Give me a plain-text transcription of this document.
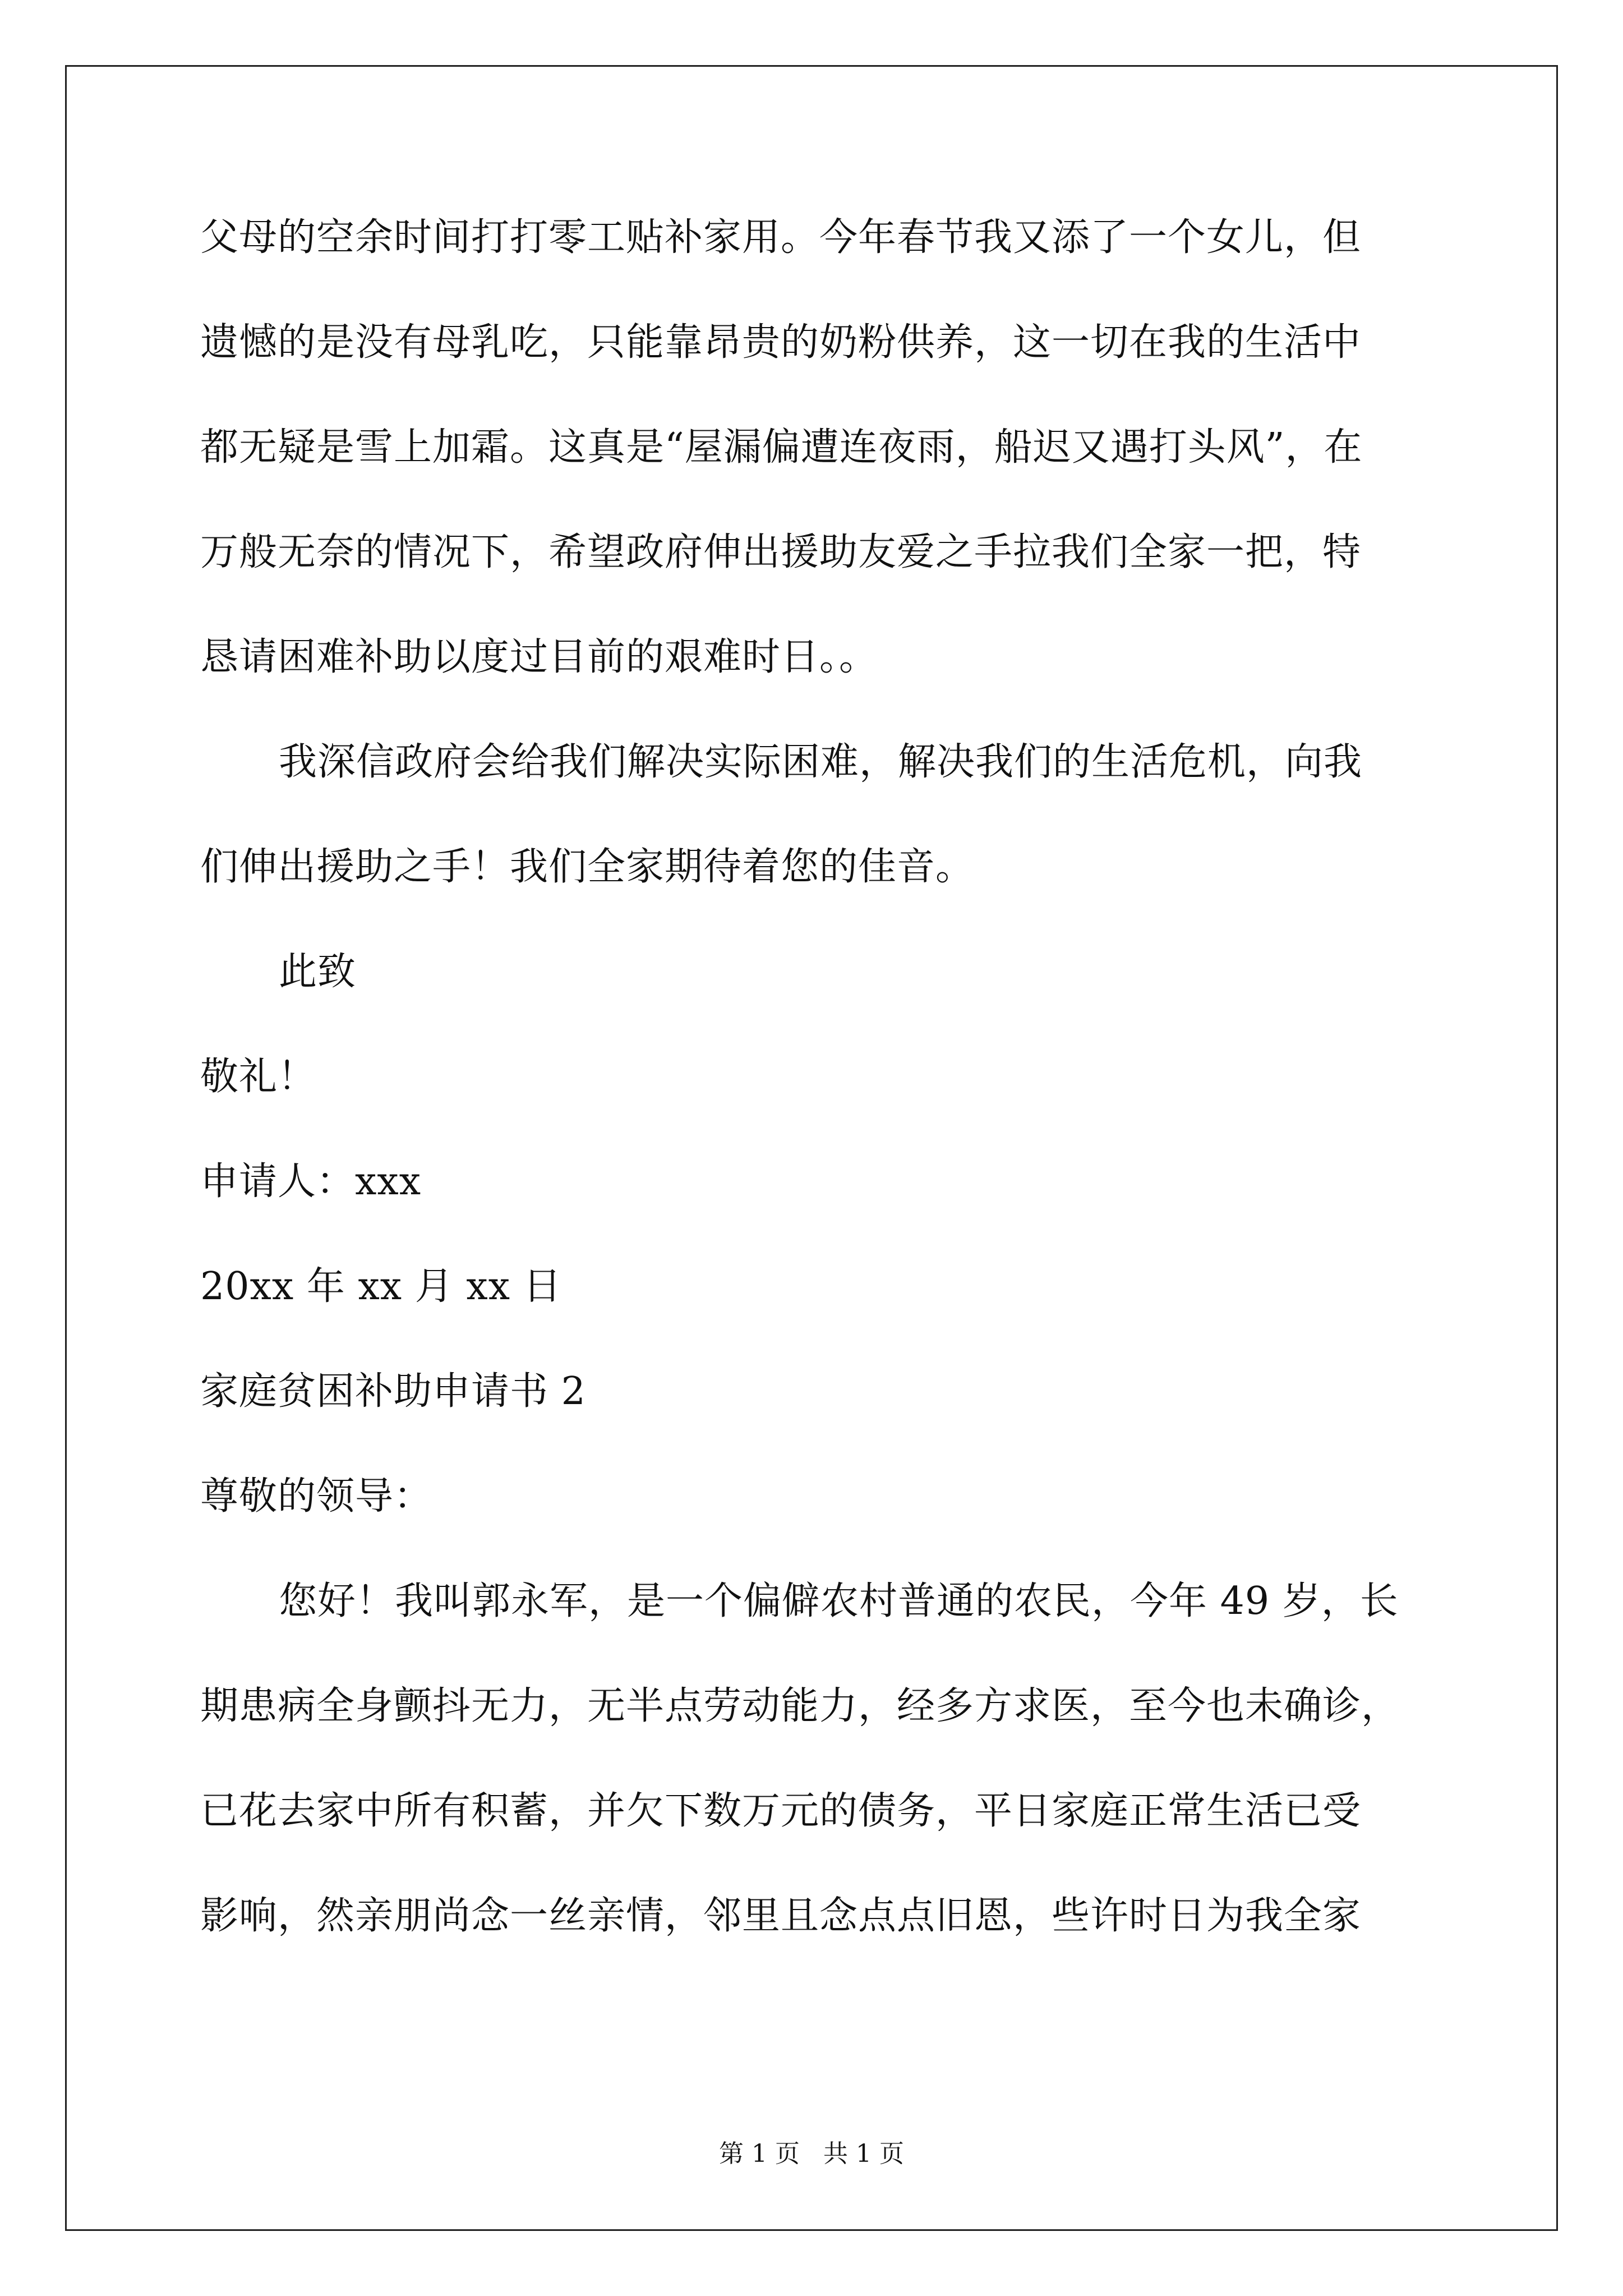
父母的空余时间打打零工贴补家用。今年春节我又添了一个女儿，但
遗憾的是没有母乳吃，只能靠昂贵的奶粉供养，这一切在我的生活中
都无疑是雪上加霜。这真是“屋漏偏遭连夜雨，船迟又遇打头风”，在
万般无奈的情况下，希望政府伸出援助友爱之手拉我们全家一把，特
恳请困难补助以度过目前的艰难时日。。
我深信政府会给我们解决实际困难，解决我们的生活危机，向我
们伸出援助之手！我们全家期待着您的佳音。
此致
敬礼！
申请人：xxx
20xx 年 xx 月 xx 日
家庭贫困补助申请书 2
尊敬的领导：
您好！我叫郭永军，是一个偏僻农村普通的农民，今年 49 岁，长
期患病全身颤抖无力，无半点劳动能力，经多方求医，至今也未确诊，
已花去家中所有积蓄，并欠下数万元的债务，平日家庭正常生活已受
影响，然亲朋尚念一丝亲情，邻里且念点点旧恩，些许时日为我全家
第 1 页   共 1 页
